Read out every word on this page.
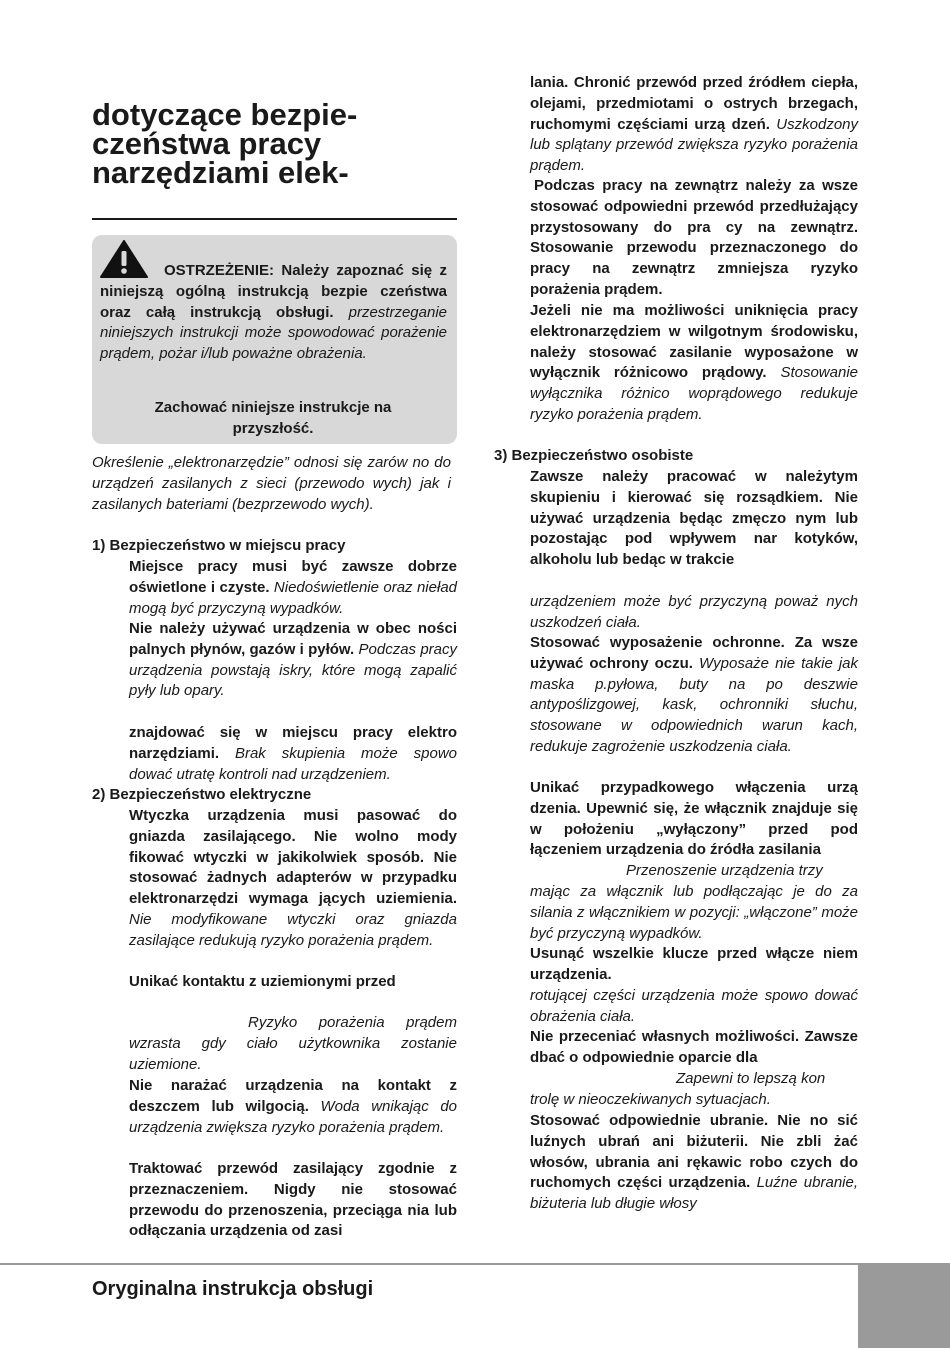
dotyczące bezpie-
czeństwa pracy
narzędziami elek-

OSTRZEŻENIE: Należy zapoznać się z niniejszą ogólną instrukcją bezpie czeństwa oraz całą instrukcją obsługi. przestrzeganie niniejszych instrukcji może spowodować porażenie prądem, pożar i/lub poważne obrażenia.

Zachować niniejsze instrukcje na przyszłość.

Określenie „elektronarzędzie” odnosi się zarów no do urządzeń zasilanych z sieci (przewodo wych) jak i zasilanych bateriami (bezprzewodo wych).

1) Bezpieczeństwo w miejscu pracy

Miejsce pracy musi być zawsze dobrze oświetlone i czyste. Niedoświetlenie oraz nieład mogą być przyczyną wypadków.

Nie należy używać urządzenia w obec ności palnych płynów, gazów i pyłów. Podczas pracy urządzenia powstają iskry, które mogą zapalić pyły lub opary.

znajdować się w miejscu pracy elektro narzędziami. Brak skupienia może spowo dować utratę kontroli nad urządzeniem.

2) Bezpieczeństwo elektryczne

Wtyczka urządzenia musi pasować do gniazda zasilającego. Nie wolno mody fikować wtyczki w jakikolwiek sposób. Nie stosować żadnych adapterów w przypadku elektronarzędzi wymaga jących uziemienia. Nie modyfikowane wtyczki oraz gniazda zasilające redukują ryzyko porażenia prądem.

Unikać kontaktu z uziemionymi przed

Ryzyko porażenia prądem wzrasta gdy ciało użytkownika zostanie uziemione.

Nie narażać urządzenia na kontakt z deszczem lub wilgocią. Woda wnikając do urządzenia zwiększa ryzyko porażenia prądem.

Traktować przewód zasilający zgodnie z przeznaczeniem. Nigdy nie stosować przewodu do przenoszenia, przeciąga nia lub odłączania urządzenia od zasi

lania. Chronić przewód przed źródłem ciepła, olejami, przedmiotami o ostrych brzegach, ruchomymi częściami urzą dzeń. Uszkodzony lub splątany przewód zwiększa ryzyko porażenia prądem.

Podczas pracy na zewnątrz należy za wsze stosować odpowiedni przewód przedłużający przystosowany do pra cy na zewnątrz. Stosowanie przewodu przeznaczonego do pracy na zewnątrz zmniejsza ryzyko porażenia prądem.

Jeżeli nie ma możliwości uniknięcia pracy elektronarzędziem w wilgotnym środowisku, należy stosować zasilanie wyposażone w wyłącznik różnicowo prądowy. Stosowanie wyłącznika różnico woprądowego redukuje ryzyko porażenia prądem.

3) Bezpieczeństwo osobiste

Zawsze należy pracować w należytym skupieniu i kierować się rozsądkiem. Nie używać urządzenia będąc zmęczo nym lub pozostając pod wpływem nar kotyków, alkoholu lub bedąc w trakcie

urządzeniem może być przyczyną poważ nych uszkodzeń ciała.

Stosować wyposażenie ochronne. Za wsze używać ochrony oczu. Wyposaże nie takie jak maska p.pyłowa, buty na po deszwie antypoślizgowej, kask, ochronniki słuchu, stosowane w odpowiednich warun kach, redukuje zagrożenie uszkodzenia ciała.

Unikać przypadkowego włączenia urzą dzenia. Upewnić się, że włącznik znajduje się w położeniu „wyłączony” przed pod łączeniem urządzenia do źródła zasilania

Przenoszenie urządzenia trzy

mając za włącznik lub podłączając je do za silania z włącznikiem w pozycji: „włączone” może być przyczyną wypadków.

Usunąć wszelkie klucze przed włącze niem urządzenia.

rotującej części urządzenia może spowo dować obrażenia ciała.

Nie przeceniać własnych możliwości. Zawsze dbać o odpowiednie oparcie dla

Zapewni to lepszą kon

trolę w nieoczekiwanych sytuacjach.

Stosować odpowiednie ubranie. Nie no sić luźnych ubrań ani biżuterii. Nie zbli żać włosów, ubrania ani rękawic robo czych do ruchomych części urządzenia. Luźne ubranie, biżuteria lub długie włosy

Oryginalna instrukcja obsługi
